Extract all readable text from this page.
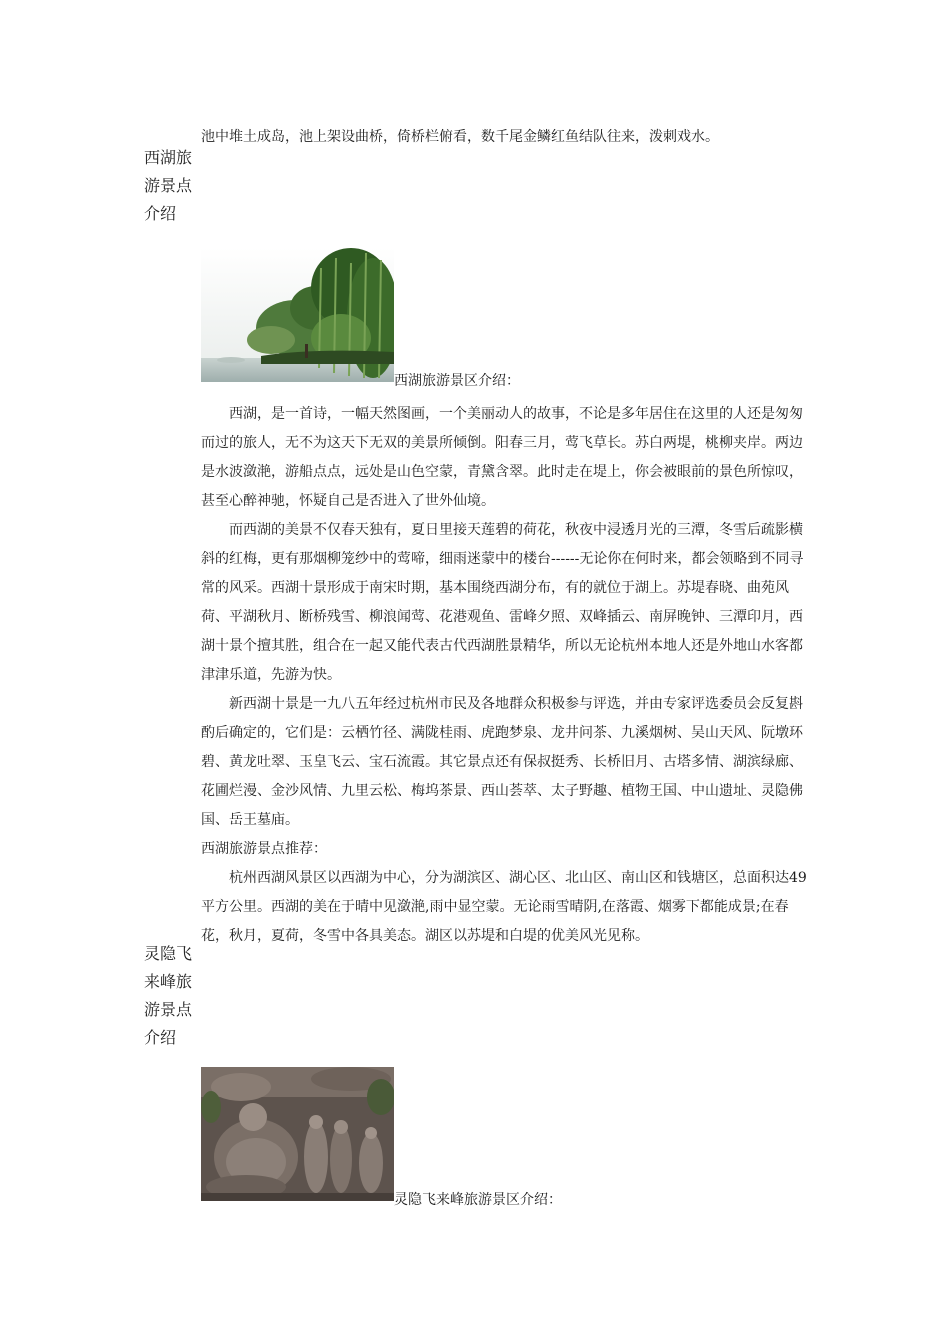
池中堆土成岛，池上架设曲桥，倚桥栏俯看，数千尾金鳞红鱼结队往来，泼刺戏水。

西湖旅游景点介绍
西湖旅游景区介绍：

西湖，是一首诗，一幅天然图画，一个美丽动人的故事，不论是多年居住在这里的人还是匆匆而过的旅人，无不为这天下无双的美景所倾倒。阳春三月，莺飞草长。苏白两堤，桃柳夹岸。两边是水波潋滟，游船点点，远处是山色空蒙，青黛含翠。此时走在堤上，你会被眼前的景色所惊叹，甚至心醉神驰，怀疑自己是否进入了世外仙境。

而西湖的美景不仅春天独有，夏日里接天莲碧的荷花，秋夜中浸透月光的三潭，冬雪后疏影横斜的红梅，更有那烟柳笼纱中的莺啼，细雨迷蒙中的楼台------无论你在何时来，都会领略到不同寻常的风采。西湖十景形成于南宋时期，基本围绕西湖分布，有的就位于湖上。苏堤春晓、曲苑风荷、平湖秋月、断桥残雪、柳浪闻莺、花港观鱼、雷峰夕照、双峰插云、南屏晚钟、三潭印月，西湖十景个擅其胜，组合在一起又能代表古代西湖胜景精华，所以无论杭州本地人还是外地山水客都津津乐道，先游为快。

新西湖十景是一九八五年经过杭州市民及各地群众积极参与评选，并由专家评选委员会反复斟酌后确定的，它们是：云栖竹径、满陇桂雨、虎跑梦泉、龙井问茶、九溪烟树、吴山天风、阮墩环碧、黄龙吐翠、玉皇飞云、宝石流霞。其它景点还有保叔挺秀、长桥旧月、古塔多情、湖滨绿廊、花圃烂漫、金沙风情、九里云松、梅坞茶景、西山荟萃、太子野趣、植物王国、中山遗址、灵隐佛国、岳王墓庙。

西湖旅游景点推荐：

杭州西湖风景区以西湖为中心，分为湖滨区、湖心区、北山区、南山区和钱塘区，总面积达49平方公里。西湖的美在于晴中见潋滟,雨中显空蒙。无论雨雪晴阴,在落霞、烟雾下都能成景;在春花，秋月，夏荷，冬雪中各具美态。湖区以苏堤和白堤的优美风光见称。

灵隐飞来峰旅游景点介绍
灵隐飞来峰旅游景区介绍：
